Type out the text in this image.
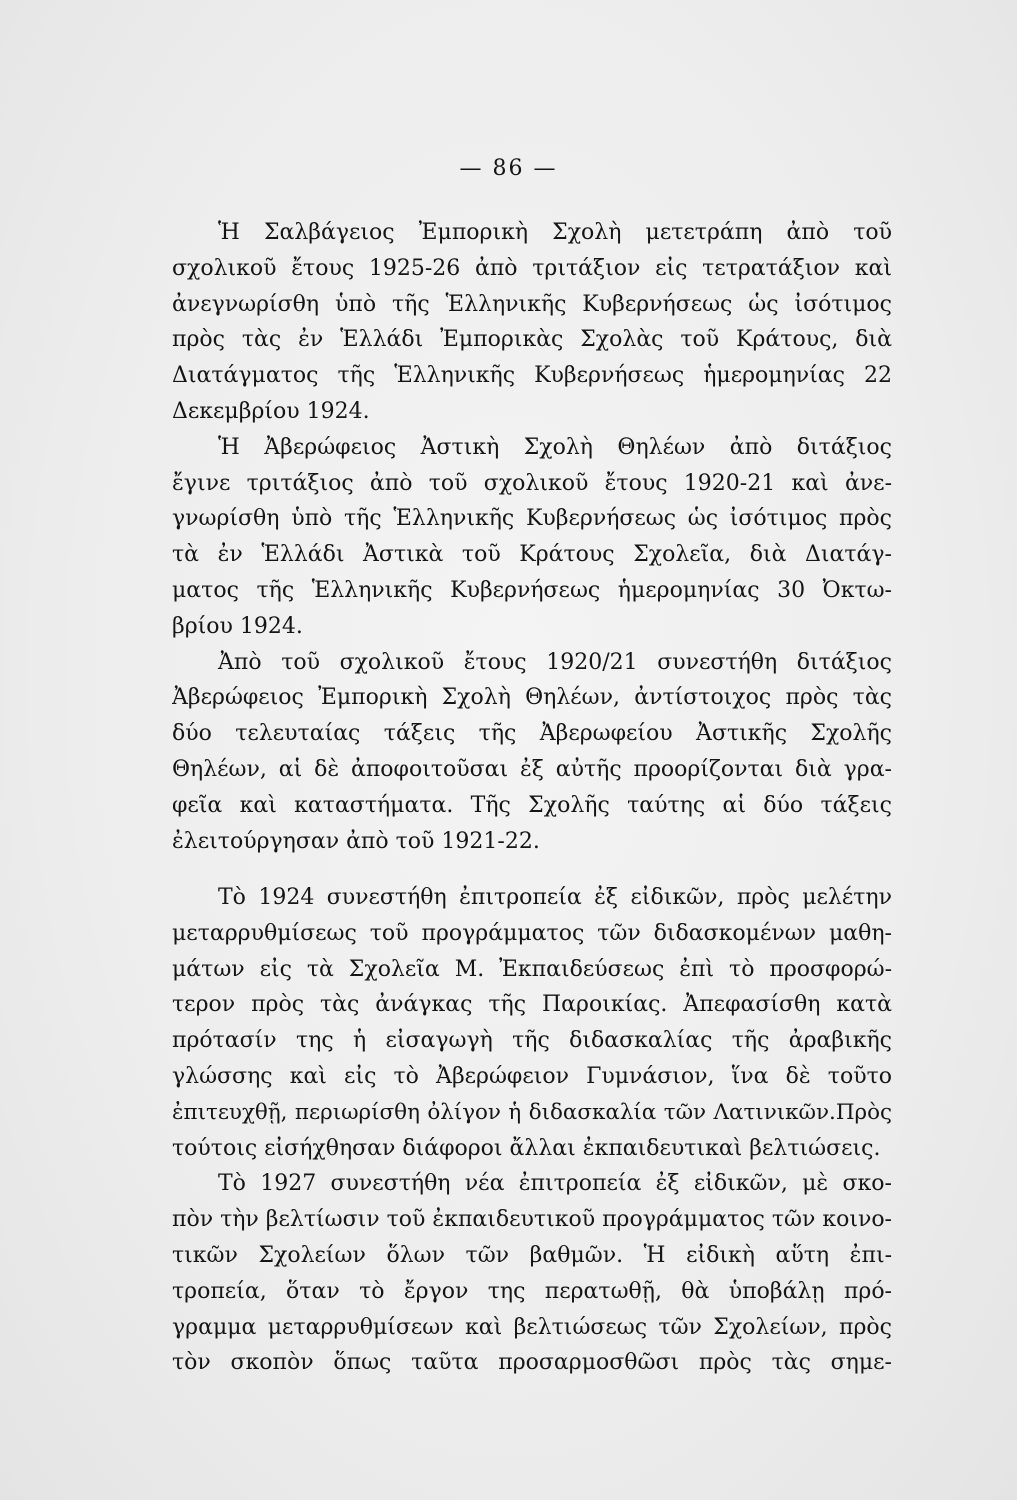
— 86 —
Ἡ Σαλβάγειος Ἐμπορικὴ Σχολὴ μετετράπη ἀπὸ τοῦ
σχολικοῦ ἔτους 1925-26 ἀπὸ τριτάξιον εἰς τετρατάξιον καὶ
ἀνεγνωρίσθη ὑπὸ τῆς Ἑλληνικῆς Κυβερνήσεως ὡς ἰσότιμος
πρὸς τὰς ἐν Ἑλλάδι Ἐμπορικὰς Σχολὰς τοῦ Κράτους, διὰ
Διατάγματος τῆς Ἑλληνικῆς Κυβερνήσεως ἡμερομηνίας 22
Δεκεμβρίου 1924.
Ἡ Ἀβερώφειος Ἀστικὴ Σχολὴ Θηλέων ἀπὸ διτάξιος
ἔγινε τριτάξιος ἀπὸ τοῦ σχολικοῦ ἔτους 1920-21 καὶ ἀνε-
γνωρίσθη ὑπὸ τῆς Ἑλληνικῆς Κυβερνήσεως ὡς ἰσότιμος πρὸς
τὰ ἐν Ἑλλάδι Ἀστικὰ τοῦ Κράτους Σχολεῖα, διὰ Διατάγ-
ματος τῆς Ἑλληνικῆς Κυβερνήσεως ἡμερομηνίας 30 Ὀκτω-
βρίου 1924.
Ἀπὸ τοῦ σχολικοῦ ἔτους 1920/21 συνεστήθη διτάξιος
Ἀβερώφειος Ἐμπορικὴ Σχολὴ Θηλέων, ἀντίστοιχος πρὸς τὰς
δύο τελευταίας τάξεις τῆς Ἀβερωφείου Ἀστικῆς Σχολῆς
Θηλέων, αἱ δὲ ἀποφοιτοῦσαι ἐξ αὐτῆς προορίζονται διὰ γρα-
φεῖα καὶ καταστήματα. Τῆς Σχολῆς ταύτης αἱ δύο τάξεις
ἐλειτούργησαν ἀπὸ τοῦ 1921-22.
Τὸ 1924 συνεστήθη ἐπιτροπεία ἐξ εἰδικῶν, πρὸς μελέτην
μεταρρυθμίσεως τοῦ προγράμματος τῶν διδασκομένων μαθη-
μάτων εἰς τὰ Σχολεῖα Μ. Ἐκπαιδεύσεως ἐπὶ τὸ προσφορώ-
τερον πρὸς τὰς ἀνάγκας τῆς Παροικίας. Ἀπεφασίσθη κατὰ
πρότασίν της ἡ εἰσαγωγὴ τῆς διδασκαλίας τῆς ἀραβικῆς
γλώσσης καὶ εἰς τὸ Ἀβερώφειον Γυμνάσιον, ἵνα δὲ τοῦτο
ἐπιτευχθῇ, περιωρίσθη ὀλίγον ἡ διδασκαλία τῶν Λατινικῶν.Πρὸς
τούτοις εἰσήχθησαν διάφοροι ἄλλαι ἐκπαιδευτικαὶ βελτιώσεις.
Τὸ 1927 συνεστήθη νέα ἐπιτροπεία ἐξ εἰδικῶν, μὲ σκο-
πὸν τὴν βελτίωσιν τοῦ ἐκπαιδευτικοῦ προγράμματος τῶν κοινο-
τικῶν Σχολείων ὅλων τῶν βαθμῶν. Ἡ εἰδικὴ αὕτη ἐπι-
τροπεία, ὅταν τὸ ἔργον της περατωθῇ, θὰ ὑποβάλῃ πρό-
γραμμα μεταρρυθμίσεων καὶ βελτιώσεως τῶν Σχολείων, πρὸς
τὸν σκοπὸν ὅπως ταῦτα προσαρμοσθῶσι πρὸς τὰς σημε-
